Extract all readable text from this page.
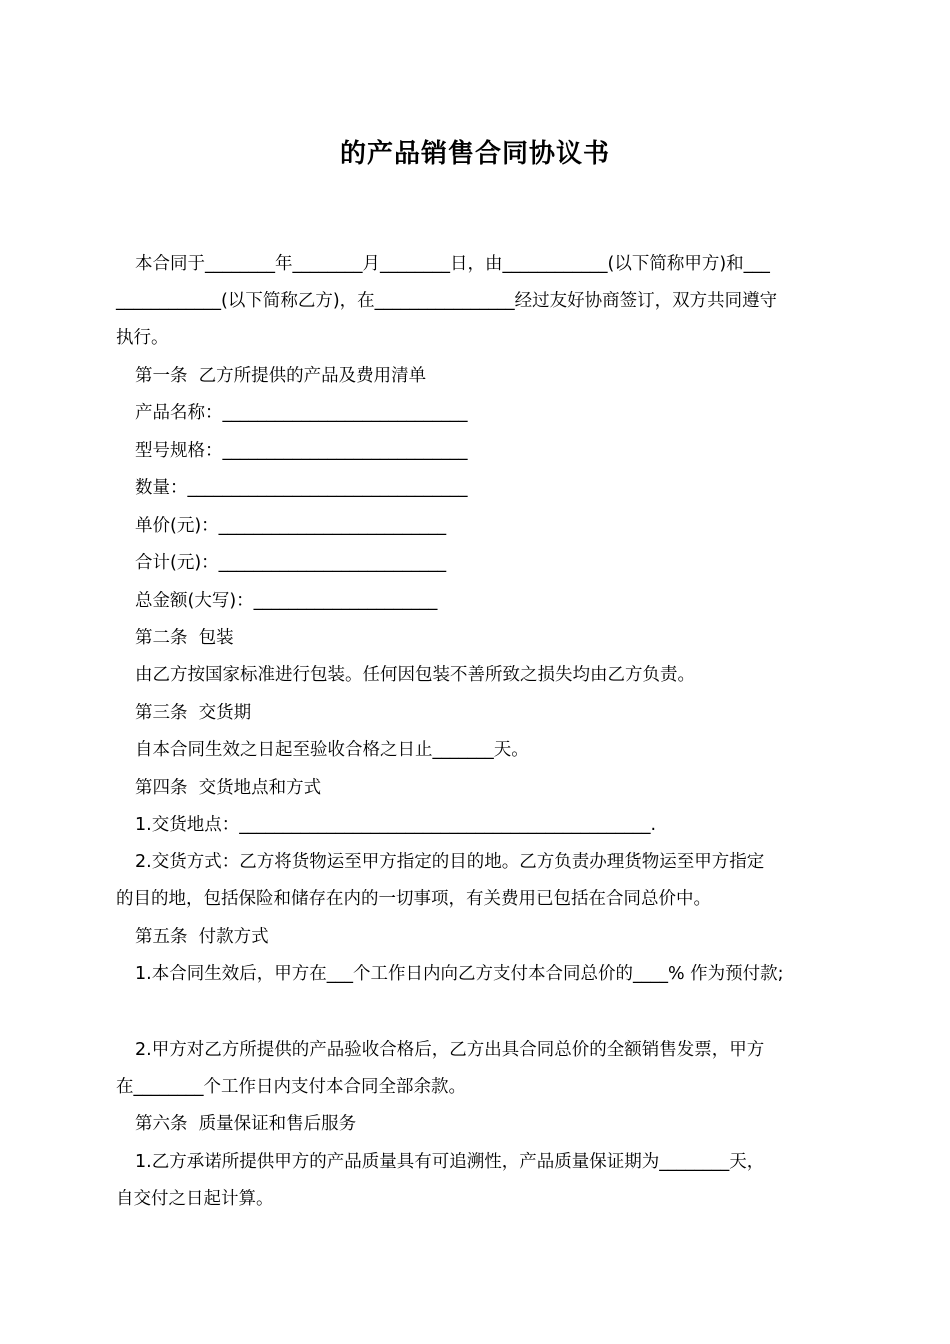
的产品销售合同协议书
本合同于________年________月________日，由____________(以下简称甲方)和___
____________(以下简称乙方)，在________________经过友好协商签订，双方共同遵守
执行。
第一条  乙方所提供的产品及费用清单
产品名称：____________________________
型号规格：____________________________
数量：________________________________
单价(元)：__________________________
合计(元)：__________________________
总金额(大写)：_____________________
第二条  包装
由乙方按国家标准进行包装。任何因包装不善所致之损失均由乙方负责。
第三条  交货期
自本合同生效之日起至验收合格之日止_______天。
第四条  交货地点和方式
1.交货地点：_______________________________________________.
2.交货方式：乙方将货物运至甲方指定的目的地。乙方负责办理货物运至甲方指定
的目的地，包括保险和储存在内的一切事项，有关费用已包括在合同总价中。
第五条  付款方式
1.本合同生效后，甲方在___个工作日内向乙方支付本合同总价的____% 作为预付款;
2.甲方对乙方所提供的产品验收合格后，乙方出具合同总价的全额销售发票，甲方
在________个工作日内支付本合同全部余款。
第六条  质量保证和售后服务
1.乙方承诺所提供甲方的产品质量具有可追溯性，产品质量保证期为________天，
自交付之日起计算。
